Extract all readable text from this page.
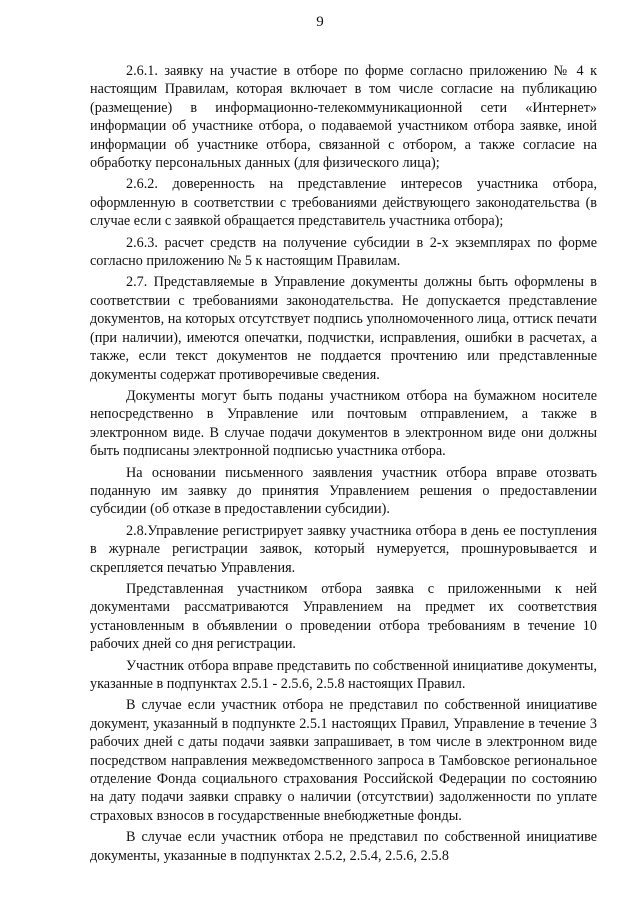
9

2.6.1. заявку на участие в отборе по форме согласно приложению № 4 к настоящим Правилам, которая включает в том числе согласие на публикацию (размещение) в информационно-телекоммуникационной сети «Интернет» информации об участнике отбора, о подаваемой участником отбора заявке, иной информации об участнике отбора, связанной с отбором, а также согласие на обработку персональных данных (для физического лица);

2.6.2. доверенность на представление интересов участника отбора, оформленную в соответствии с требованиями действующего законодательства (в случае если с заявкой обращается представитель участника отбора);

2.6.3. расчет средств на получение субсидии в 2-х экземплярах по форме согласно приложению № 5 к настоящим Правилам.

2.7. Представляемые в Управление документы должны быть оформлены в соответствии с требованиями законодательства. Не допускается представление документов, на которых отсутствует подпись уполномоченного лица, оттиск печати (при наличии), имеются опечатки, подчистки, исправления, ошибки в расчетах, а также, если текст документов не поддается прочтению или представленные документы содержат противоречивые сведения.

Документы могут быть поданы участником отбора на бумажном носителе непосредственно в Управление или почтовым отправлением, а также в электронном виде. В случае подачи документов в электронном виде они должны быть подписаны электронной подписью участника отбора.

На основании письменного заявления участник отбора вправе отозвать поданную им заявку до принятия Управлением решения о предоставлении субсидии (об отказе в предоставлении субсидии).

2.8.Управление регистрирует заявку участника отбора в день ее поступления в журнале регистрации заявок, который нумеруется, прошнуровывается и скрепляется печатью Управления.

Представленная участником отбора заявка с приложенными к ней документами рассматриваются Управлением на предмет их соответствия установленным в объявлении о проведении отбора требованиям в течение 10 рабочих дней со дня регистрации.

Участник отбора вправе представить по собственной инициативе документы, указанные в подпунктах 2.5.1 - 2.5.6, 2.5.8 настоящих Правил.

В случае если участник отбора не представил по собственной инициативе документ, указанный в подпункте 2.5.1 настоящих Правил, Управление в течение 3 рабочих дней с даты подачи заявки запрашивает, в том числе в электронном виде посредством направления межведомственного запроса в Тамбовское региональное отделение Фонда социального страхования Российской Федерации по состоянию на дату подачи заявки справку о наличии (отсутствии) задолженности по уплате страховых взносов в государственные внебюджетные фонды.

В случае если участник отбора не представил по собственной инициативе документы, указанные в подпунктах 2.5.2, 2.5.4, 2.5.6, 2.5.8
